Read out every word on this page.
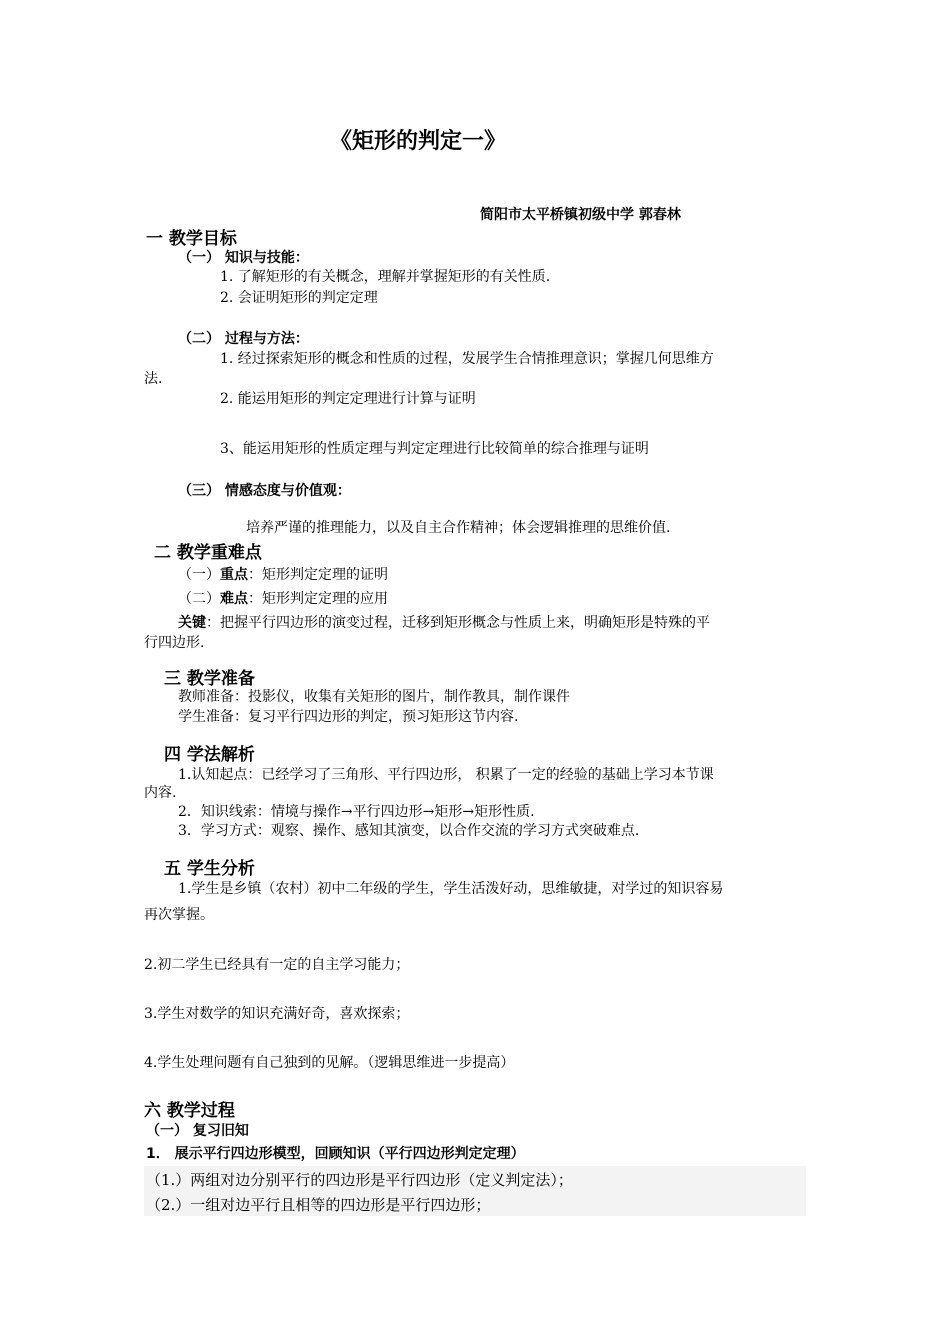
《矩形的判定一》
简阳市太平桥镇初级中学 郭春林
一 教学目标
（一） 知识与技能：
1. 了解矩形的有关概念，理解并掌握矩形的有关性质.
2. 会证明矩形的判定定理
（二） 过程与方法：
1. 经过探索矩形的概念和性质的过程，发展学生合情推理意识；掌握几何思维方
法.
2. 能运用矩形的判定定理进行计算与证明
3、能运用矩形的性质定理与判定定理进行比较简单的综合推理与证明
（三） 情感态度与价值观：
培养严谨的推理能力，以及自主合作精神；体会逻辑推理的思维价值.
二 教学重难点
（一）重点：矩形判定定理的证明
（二）难点：矩形判定定理的应用
关键：把握平行四边形的演变过程，迁移到矩形概念与性质上来，明确矩形是特殊的平
行四边形.
三 教学准备
教师准备：投影仪，收集有关矩形的图片，制作教具，制作课件
学生准备：复习平行四边形的判定，预习矩形这节内容.
四 学法解析
1.认知起点：已经学习了三角形、平行四边形， 积累了一定的经验的基础上学习本节课
内容.
2．知识线索：情境与操作→平行四边形→矩形→矩形性质.
3．学习方式：观察、操作、感知其演变，以合作交流的学习方式突破难点.
五 学生分析
1.学生是乡镇（农村）初中二年级的学生，学生活泼好动，思维敏捷，对学过的知识容易
再次掌握。
2.初二学生已经具有一定的自主学习能力；
3.学生对数学的知识充满好奇，喜欢探索；
4.学生处理问题有自己独到的见解。（逻辑思维进一步提高）
六 教学过程
（一） 复习旧知
1． 展示平行四边形模型，回顾知识（平行四边形判定定理）
（1.）两组对边分别平行的四边形是平行四边形（定义判定法）；
（2.）一组对边平行且相等的四边形是平行四边形；
